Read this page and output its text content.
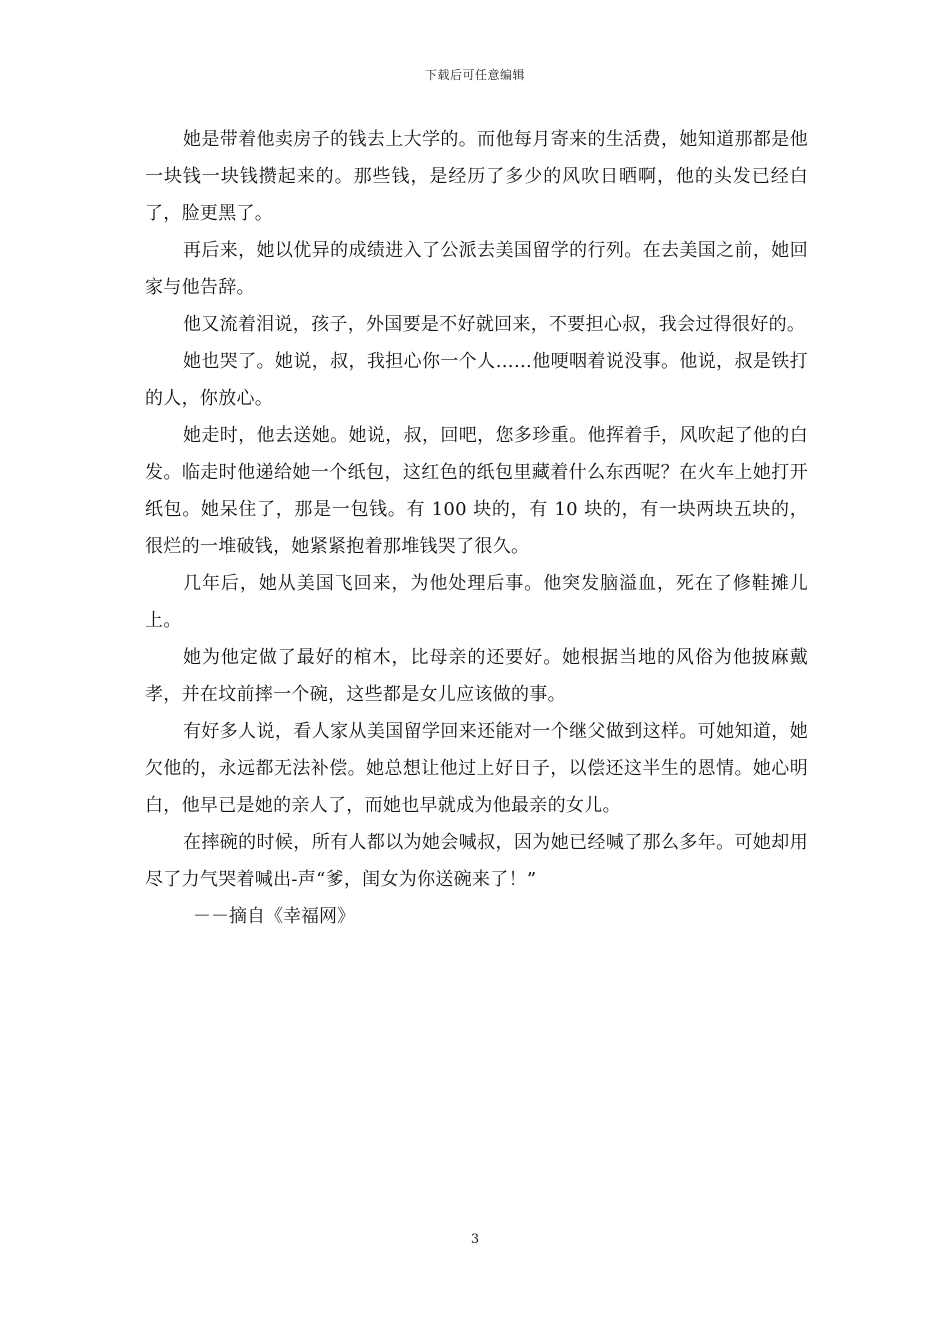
下载后可任意编辑

她是带着他卖房子的钱去上大学的。而他每月寄来的生活费，她知道那都是他一块钱一块钱攒起来的。那些钱，是经历了多少的风吹日晒啊，他的头发已经白了，脸更黑了。

再后来，她以优异的成绩进入了公派去美国留学的行列。在去美国之前，她回家与他告辞。

他又流着泪说，孩子，外国要是不好就回来，不要担心叔，我会过得很好的。

她也哭了。她说，叔，我担心你一个人……他哽咽着说没事。他说，叔是铁打的人，你放心。

她走时，他去送她。她说，叔，回吧，您多珍重。他挥着手，风吹起了他的白发。临走时他递给她一个纸包，这红色的纸包里藏着什么东西呢？在火车上她打开纸包。她呆住了，那是一包钱。有 100 块的，有 10 块的，有一块两块五块的，很烂的一堆破钱，她紧紧抱着那堆钱哭了很久。

几年后，她从美国飞回来，为他处理后事。他突发脑溢血，死在了修鞋摊儿上。

她为他定做了最好的棺木，比母亲的还要好。她根据当地的风俗为他披麻戴孝，并在坟前摔一个碗，这些都是女儿应该做的事。

有好多人说，看人家从美国留学回来还能对一个继父做到这样。可她知道，她欠他的，永远都无法补偿。她总想让他过上好日子，以偿还这半生的恩情。她心明白，他早已是她的亲人了，而她也早就成为他最亲的女儿。

在摔碗的时候，所有人都以为她会喊叔，因为她已经喊了那么多年。可她却用尽了力气哭着喊出-声“爹，闺女为你送碗来了！”

－－摘自《幸福网》

3
